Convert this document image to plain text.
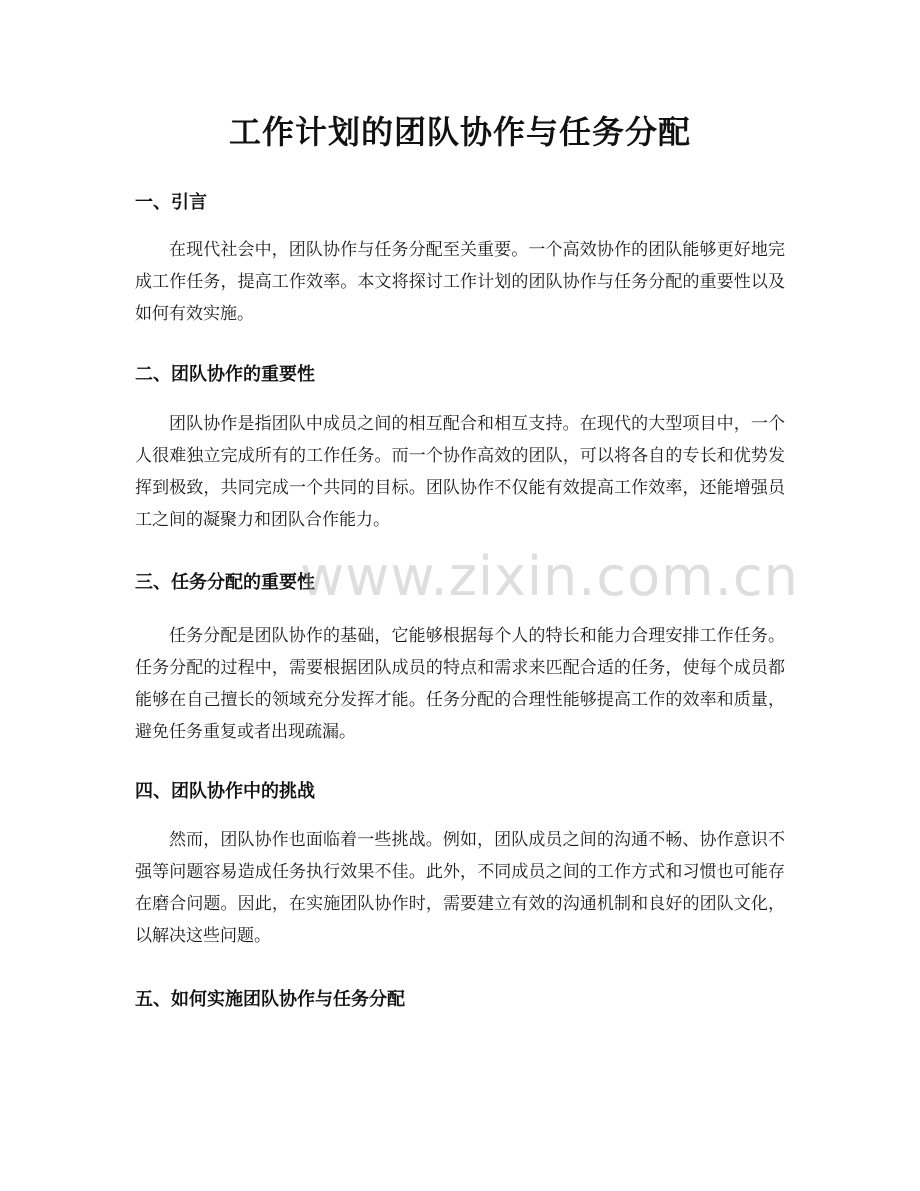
工作计划的团队协作与任务分配
一、引言

在现代社会中，团队协作与任务分配至关重要。一个高效协作的团队能够更好地完成工作任务，提高工作效率。本文将探讨工作计划的团队协作与任务分配的重要性以及如何有效实施。

二、团队协作的重要性

团队协作是指团队中成员之间的相互配合和相互支持。在现代的大型项目中，一个人很难独立完成所有的工作任务。而一个协作高效的团队，可以将各自的专长和优势发挥到极致，共同完成一个共同的目标。团队协作不仅能有效提高工作效率，还能增强员工之间的凝聚力和团队合作能力。

三、任务分配的重要性

任务分配是团队协作的基础，它能够根据每个人的特长和能力合理安排工作任务。任务分配的过程中，需要根据团队成员的特点和需求来匹配合适的任务，使每个成员都能够在自己擅长的领域充分发挥才能。任务分配的合理性能够提高工作的效率和质量，避免任务重复或者出现疏漏。

四、团队协作中的挑战

然而，团队协作也面临着一些挑战。例如，团队成员之间的沟通不畅、协作意识不强等问题容易造成任务执行效果不佳。此外，不同成员之间的工作方式和习惯也可能存在磨合问题。因此，在实施团队协作时，需要建立有效的沟通机制和良好的团队文化，以解决这些问题。

五、如何实施团队协作与任务分配
www.zixin.com.cn
